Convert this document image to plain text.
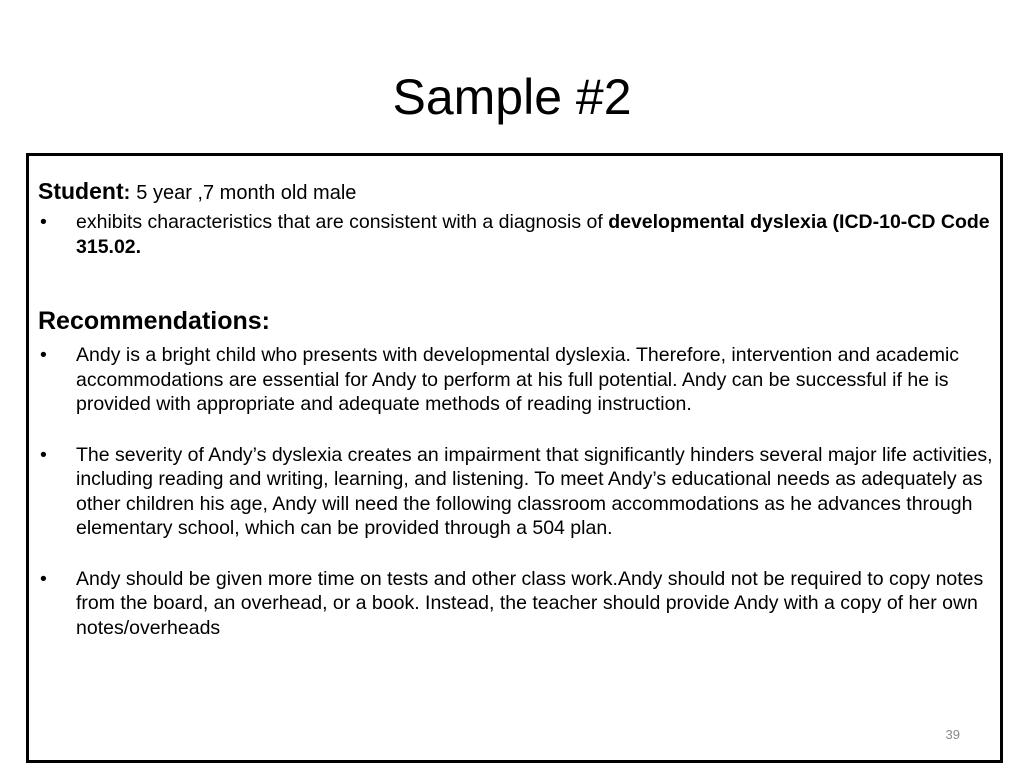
Sample #2

Student: 5 year ,7 month old male

• exhibits characteristics that are consistent with a diagnosis of developmental dyslexia (ICD-10-CD Code 315.02.

Recommendations:

• Andy is a bright child who presents with developmental dyslexia. Therefore, intervention and academic accommodations are essential for Andy to perform at his full potential. Andy can be successful if he is provided with appropriate and adequate methods of reading instruction.

• The severity of Andy’s dyslexia creates an impairment that significantly hinders several major life activities, including reading and writing, learning, and listening. To meet Andy’s educational needs as adequately as other children his age, Andy will need the following classroom accommodations as he advances through elementary school, which can be provided through a 504 plan.

• Andy should be given more time on tests and other class work.Andy should not be required to copy notes from the board, an overhead, or a book. Instead, the teacher should provide Andy with a copy of her own notes/overheads

39
